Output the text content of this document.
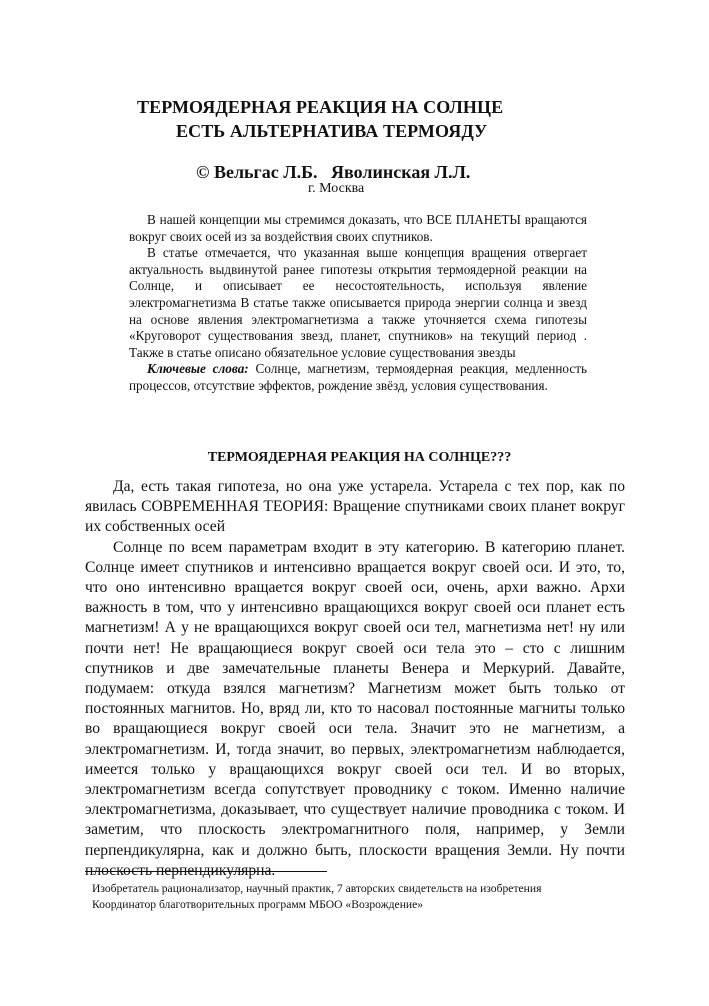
ТЕРМОЯДЕРНАЯ РЕАКЦИЯ НА СОЛНЦЕ
ЕСТЬ АЛЬТЕРНАТИВА ТЕРМОЯДУ
© Вельгас Л.Б.   Яволинская Л.Л.
г. Москва

В нашей концепции мы стремимся доказать, что ВСЕ ПЛАНЕТЫ вращаются вокруг своих осей из за воздействия своих спутников.

В статье отмечается, что указанная выше концепция вращения отвергает актуальность выдвинутой ранее гипотезы открытия термоядерной реакции на Солнце, и описывает ее несостоятельность, используя явление электромагнетизма В статье также описывается природа энергии солнца и звезд на основе явления электромагнетизма а также уточняется схема гипотезы «Круговорот существования звезд, планет, спутников» на текущий период . Также в статье описано обязательное условие существования звезды

Ключевые слова: Солнце, магнетизм, термоядерная реакция, медленность процессов, отсутствие эффектов, рождение звёзд, условия существования.

ТЕРМОЯДЕРНАЯ РЕАКЦИЯ НА СОЛНЦЕ???

Да, есть такая гипотеза, но она уже устарела. Устарела с тех пор, как по явилась СОВРЕМЕННАЯ ТЕОРИЯ: Вращение спутниками своих планет вокруг их собственных осей

Солнце по всем параметрам входит в эту категорию. В категорию планет. Солнце имеет спутников и интенсивно вращается вокруг своей оси. И это, то, что оно интенсивно вращается вокруг своей оси, очень, архи важно. Архи важность в том, что у интенсивно вращающихся вокруг своей оси планет есть магнетизм! А у не вращающихся вокруг своей оси тел, магнетизма нет! ну или почти нет! Не вращающиеся вокруг своей оси тела это – сто с лишним спутников и две замечательные планеты Венера и Меркурий. Давайте, подумаем: откуда взялся магнетизм? Магнетизм может быть только от постоянных магнитов. Но, вряд ли, кто то насовал постоянные магниты только во вращающиеся вокруг своей оси тела. Значит это не магнетизм, а электромагнетизм. И, тогда значит, во первых, электромагнетизм наблюдается, имеется только у вращающихся вокруг своей оси тел. И во вторых, электромагнетизм всегда сопутствует проводнику с током. Именно наличие электромагнетизма, доказывает, что существует наличие проводника с током. И заметим, что плоскость электромагнитного поля, например, у Земли перпендикулярна, как и должно быть, плоскости вращения Земли. Ну почти плоскость перпендикулярна.

Изобретатель рационализатор, научный практик, 7 авторских свидетельств на изобретения
Координатор благотворительных программ МБОО «Возрождение»
